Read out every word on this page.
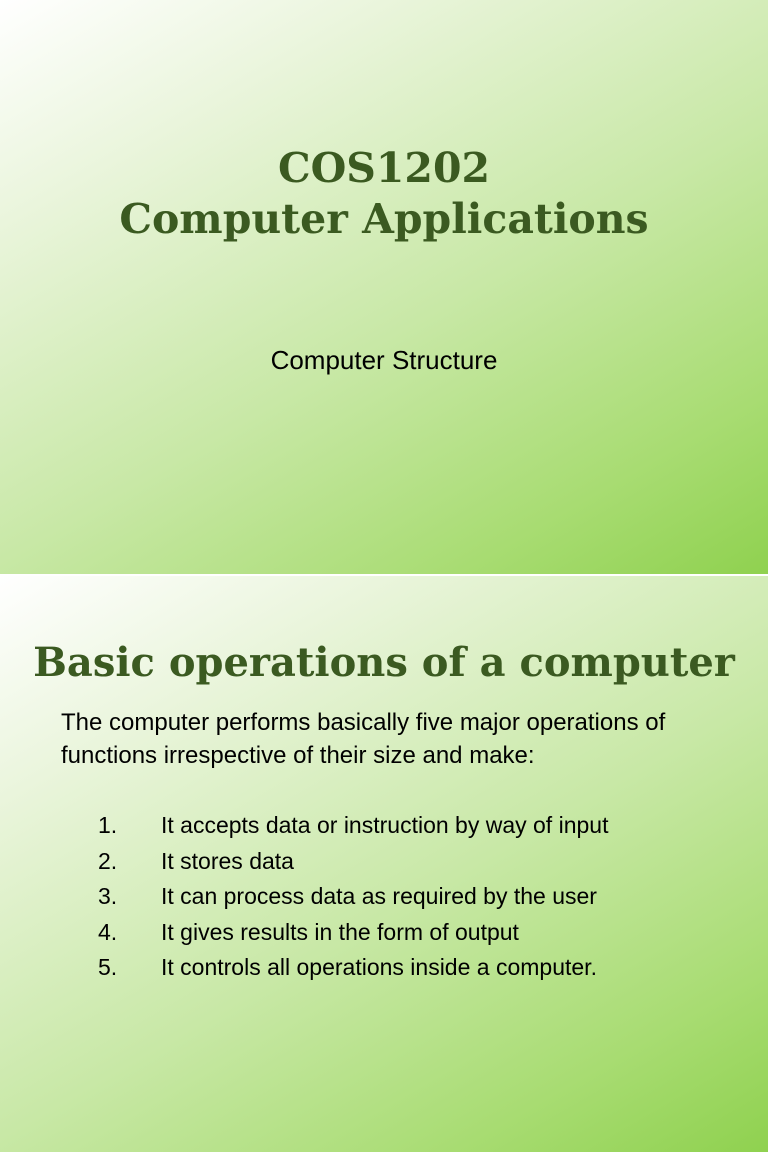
COS1202
Computer Applications
Computer Structure
Basic operations of a computer
The computer performs basically five major operations of functions irrespective of their size and make:
1.	It accepts data or instruction by way of input
2.	It stores data
3.	It can process data as required by the user
4.	It gives results in the form of output
5.	It controls all operations inside a computer.
